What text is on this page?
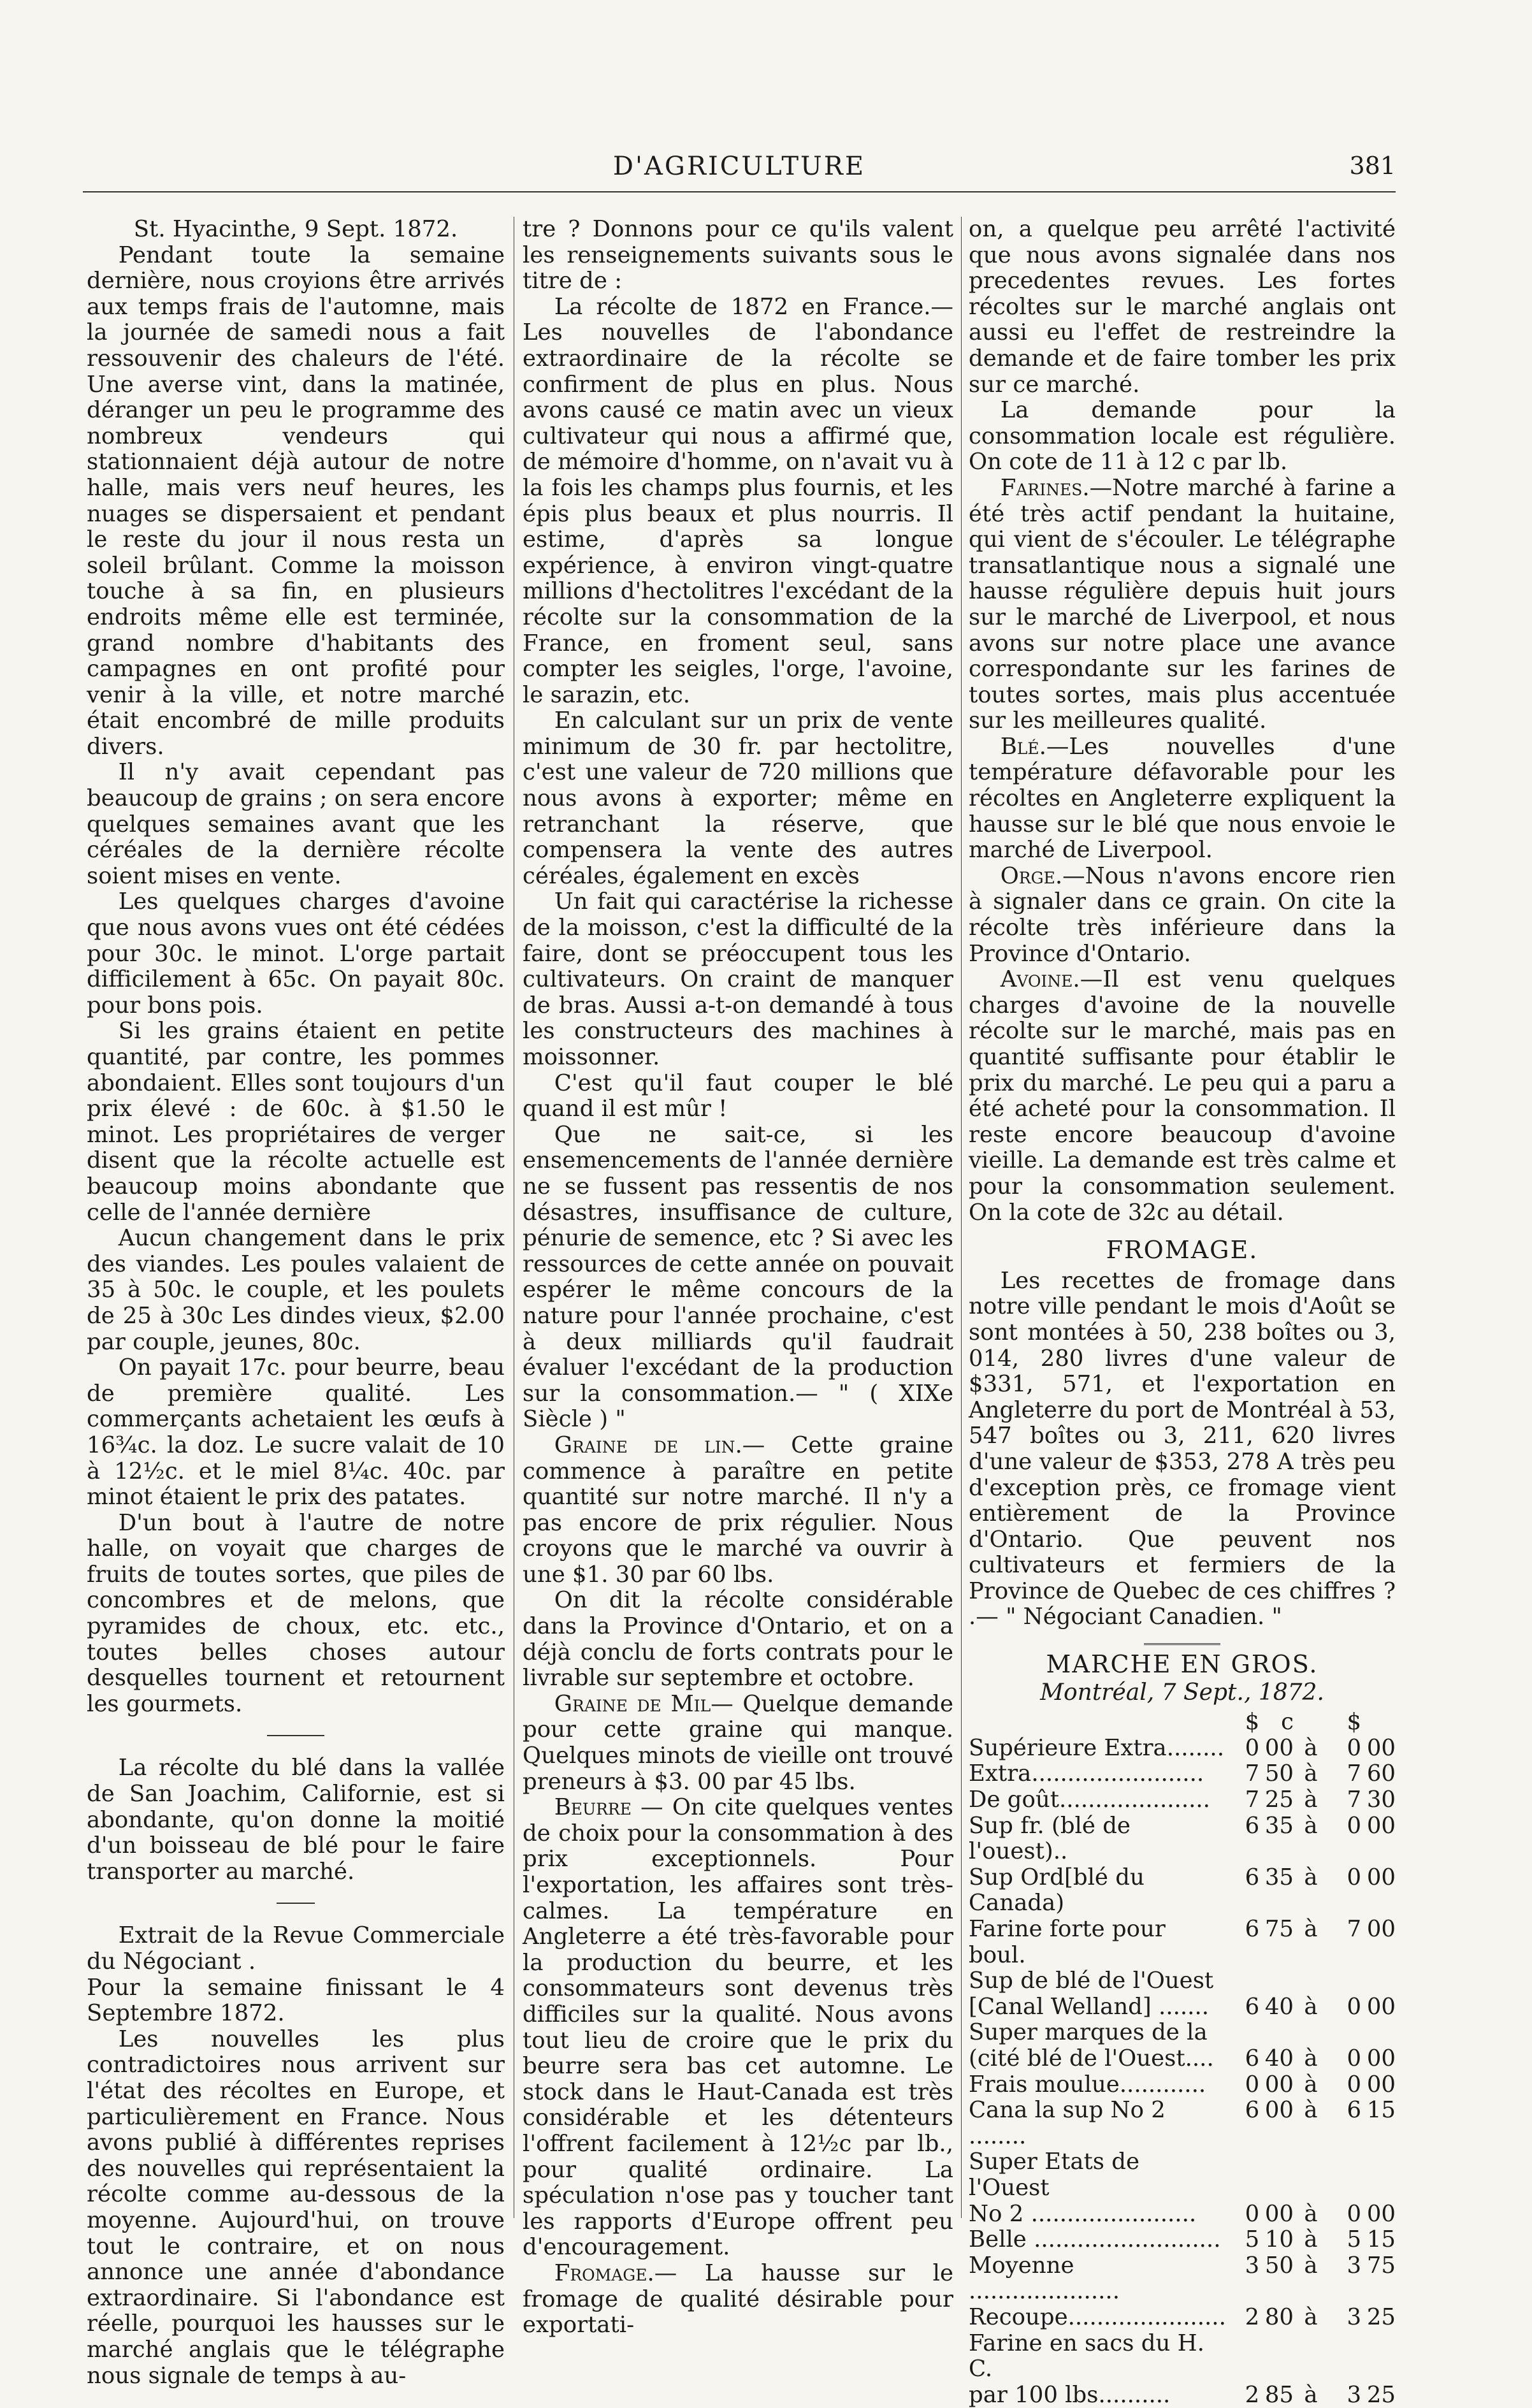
D'AGRICULTURE	381

St. Hyacinthe, 9 Sept. 1872.

Pendant toute la semaine dernière, nous croyions être arrivés aux temps frais de l'automne, mais la journée de samedi nous a fait ressouvenir des chaleurs de l'été. Une averse vint, dans la matinée, déranger un peu le programme des nombreux vendeurs qui stationnaient déjà autour de notre halle, mais vers neuf heures, les nuages se dispersaient et pendant le reste du jour il nous resta un soleil brûlant. Comme la moisson touche à sa fin, en plusieurs endroits même elle est terminée, grand nombre d'habitants des campagnes en ont profité pour venir à la ville, et notre marché était encombré de mille produits divers.

Il n'y avait cependant pas beaucoup de grains ; on sera encore quelques semaines avant que les céréales de la dernière récolte soient mises en vente.

Les quelques charges d'avoine que nous avons vues ont été cédées pour 30c. le minot. L'orge partait difficilement à 65c. On payait 80c. pour bons pois.

Si les grains étaient en petite quantité, par contre, les pommes abondaient. Elles sont toujours d'un prix élevé : de 60c. à $1.50 le minot. Les propriétaires de verger disent que la récolte actuelle est beaucoup moins abondante que celle de l'année dernière

Aucun changement dans le prix des viandes. Les poules valaient de 35 à 50c. le couple, et les poulets de 25 à 30c Les dindes vieux, $2.00 par couple, jeunes, 80c.

On payait 17c. pour beurre, beau de première qualité. Les commerçants achetaient les œufs à 16¾c. la doz. Le sucre valait de 10 à 12½c. et le miel 8¼c. 40c. par minot étaient le prix des patates.

D'un bout à l'autre de notre halle, on voyait que charges de fruits de toutes sortes, que piles de concombres et de melons, que pyramides de choux, etc. etc., toutes belles choses autour desquelles tournent et retournent les gourmets.

La récolte du blé dans la vallée de San Joachim, Californie, est si abondante, qu'on donne la moitié d'un boisseau de blé pour le faire transporter au marché.

Extrait de la Revue Commerciale du Négociant .

Pour la semaine finissant le 4 Septembre 1872.

Les nouvelles les plus contradictoires nous arrivent sur l'état des récoltes en Europe, et particulièrement en France. Nous avons publié à différentes reprises des nouvelles qui représentaient la récolte comme au-dessous de la moyenne. Aujourd'hui, on trouve tout le contraire, et on nous annonce une année d'abondance extraordinaire. Si l'abondance est réelle, pourquoi les hausses sur le marché anglais que le télégraphe nous signale de temps à au-

tre ? Donnons pour ce qu'ils valent les renseignements suivants sous le titre de :

La récolte de 1872 en France.— Les nouvelles de l'abondance extraordinaire de la récolte se confirment de plus en plus. Nous avons causé ce matin avec un vieux cultivateur qui nous a affirmé que, de mémoire d'homme, on n'avait vu à la fois les champs plus fournis, et les épis plus beaux et plus nourris. Il estime, d'après sa longue expérience, à environ vingt-quatre millions d'hectolitres l'excédant de la récolte sur la consommation de la France, en froment seul, sans compter les seigles, l'orge, l'avoine, le sarazin, etc.

En calculant sur un prix de vente minimum de 30 fr. par hectolitre, c'est une valeur de 720 millions que nous avons à exporter; même en retranchant la réserve, que compensera la vente des autres céréales, également en excès

Un fait qui caractérise la richesse de la moisson, c'est la difficulté de la faire, dont se préoccupent tous les cultivateurs. On craint de manquer de bras. Aussi a-t-on demandé à tous les constructeurs des machines à moissonner.

C'est qu'il faut couper le blé quand il est mûr !

Que ne sait-ce, si les ensemencements de l'année dernière ne se fussent pas ressentis de nos désastres, insuffisance de culture, pénurie de semence, etc ? Si avec les ressources de cette année on pouvait espérer le même concours de la nature pour l'année prochaine, c'est à deux milliards qu'il faudrait évaluer l'excédant de la production sur la consommation.— " ( XIXe Siècle ) "

Graine de lin.— Cette graine commence à paraître en petite quantité sur notre marché. Il n'y a pas encore de prix régulier. Nous croyons que le marché va ouvrir à une $1. 30 par 60 lbs.

On dit la récolte considérable dans la Province d'Ontario, et on a déjà conclu de forts contrats pour le livrable sur septembre et octobre.

Graine de Mil— Quelque demande pour cette graine qui manque. Quelques minots de vieille ont trouvé preneurs à $3. 00 par 45 lbs.

Beurre — On cite quelques ventes de choix pour la consommation à des prix exceptionnels. Pour l'exportation, les affaires sont très-calmes. La température en Angleterre a été très-favorable pour la production du beurre, et les consommateurs sont devenus très difficiles sur la qualité. Nous avons tout lieu de croire que le prix du beurre sera bas cet automne. Le stock dans le Haut-Canada est très considérable et les détenteurs l'offrent facilement à 12½c par lb., pour qualité ordinaire. La spéculation n'ose pas y toucher tant les rapports d'Europe offrent peu d'encouragement.

Fromage.— La hausse sur le fromage de qualité désirable pour exportati-

on, a quelque peu arrêté l'activité que nous avons signalée dans nos precedentes revues. Les fortes récoltes sur le marché anglais ont aussi eu l'effet de restreindre la demande et de faire tomber les prix sur ce marché.

La demande pour la consommation locale est régulière. On cote de 11 à 12 c par lb.

Farines.—Notre marché à farine a été très actif pendant la huitaine, qui vient de s'écouler. Le télégraphe transatlantique nous a signalé une hausse régulière depuis huit jours sur le marché de Liverpool, et nous avons sur notre place une avance correspondante sur les farines de toutes sortes, mais plus accentuée sur les meilleures qualité.

Blé.—Les nouvelles d'une température défavorable pour les récoltes en Angleterre expliquent la hausse sur le blé que nous envoie le marché de Liverpool.

Orge.—Nous n'avons encore rien à signaler dans ce grain. On cite la récolte très inférieure dans la Province d'Ontario.

Avoine.—Il est venu quelques charges d'avoine de la nouvelle récolte sur le marché, mais pas en quantité suffisante pour établir le prix du marché. Le peu qui a paru a été acheté pour la consommation. Il reste encore beaucoup d'avoine vieille. La demande est très calme et pour la consommation seulement. On la cote de 32c au détail.

FROMAGE.

Les recettes de fromage dans notre ville pendant le mois d'Août se sont montées à 50, 238 boîtes ou 3, 014, 280 livres d'une valeur de $331, 571, et l'exportation en Angleterre du port de Montréal à 53, 547 boîtes ou 3, 211, 620 livres d'une valeur de $353, 278 A très peu d'exception près, ce fromage vient entièrement de la Province d'Ontario. Que peuvent nos cultivateurs et fermiers de la Province de Quebec de ces chiffres ? .— " Négociant Canadien. "

MARCHE EN GROS.
Montréal, 7 Sept., 1872.
	$	c		$	
Supérieure Extra........	0	00	à	0	00
Extra........................	7	50	à	7	60
De goût.....................	7	25	à	7	30
Sup fr. (blé de l'ouest)..	6	35	à	0	00
Sup Ord[blé du Canada)	6	35	à	0	00
Farine forte pour boul.	6	75	à	7	00
Sup de blé de l'Ouest					
[Canal Welland] .......	6	40	à	0	00
Super marques de la					
(cité blé de l'Ouest....	6	40	à	0	00
Frais moulue............	0	00	à	0	00
Cana la sup No 2 ........	6	00	à	6	15
Super Etats de l'Ouest					
No 2 .......................	0	00	à	0	00
Belle ..........................	5	10	à	5	15
Moyenne .....................	3	50	à	3	75
Recoupe......................	2	80	à	3	25
Farine en sacs du H. C.					
par 100 lbs..........	2	85	à	3	25
